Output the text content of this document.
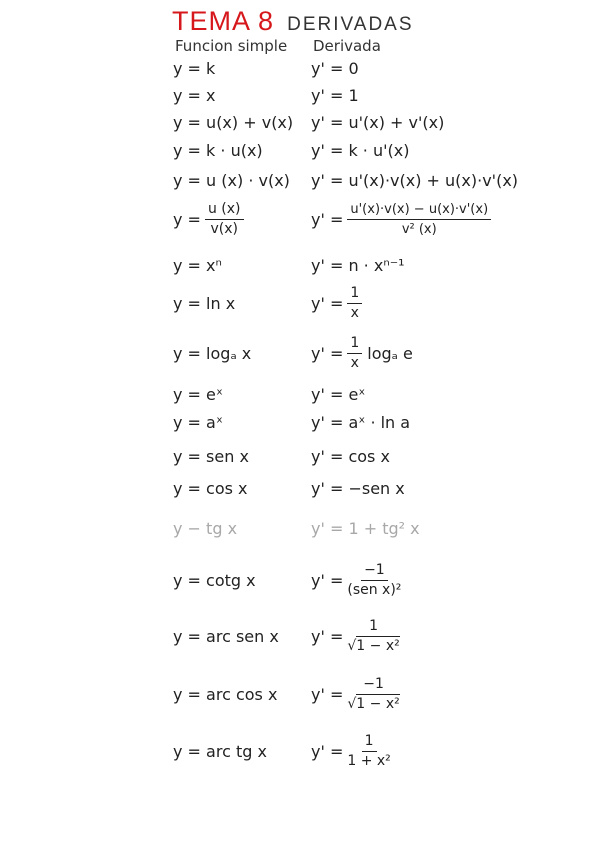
TEMA 8 DERIVADAS
Funcion simple Derivada
y = k	y' = 0
y = x	y' = 1
y = u(x) + v(x) y' = u'(x) + v'(x)
y = k · u(x)	y' = k · u'(x)
y = u (x) · v(x) y' = u'(x)·v(x) + u(x)·v'(x)
$y = \frac{u (x)}{v(x)}$	$y' = \frac{u'(x)\cdot v(x) - u(x)\cdot v'(x)}{\text{v² (x)}}$
y = xⁿ	y' = n · xⁿ⁻¹
y = ln x	$y' = \frac{1}{x}$
y = logₐ x	$y' = \frac{1}{x}$ logₐ e
y = eˣ	y' = eˣ
y = aˣ	y' = aˣ · ln a
y = sen x	y' = cos x
y = cos x	y' = −sen x
y − tg x	y' = 1 + tg² x
y = cotg x	$y' = \frac{-1}{\text{(sen x)²}}$
y = arc sen x $y' = \frac{1}{\text{√1 − x²}}$
y = arc cos x $y' = \frac{-1}{\text{√1 − x²}}$
y = arc tg x	$y' = \frac{1}{\text{1 + x²}}$
